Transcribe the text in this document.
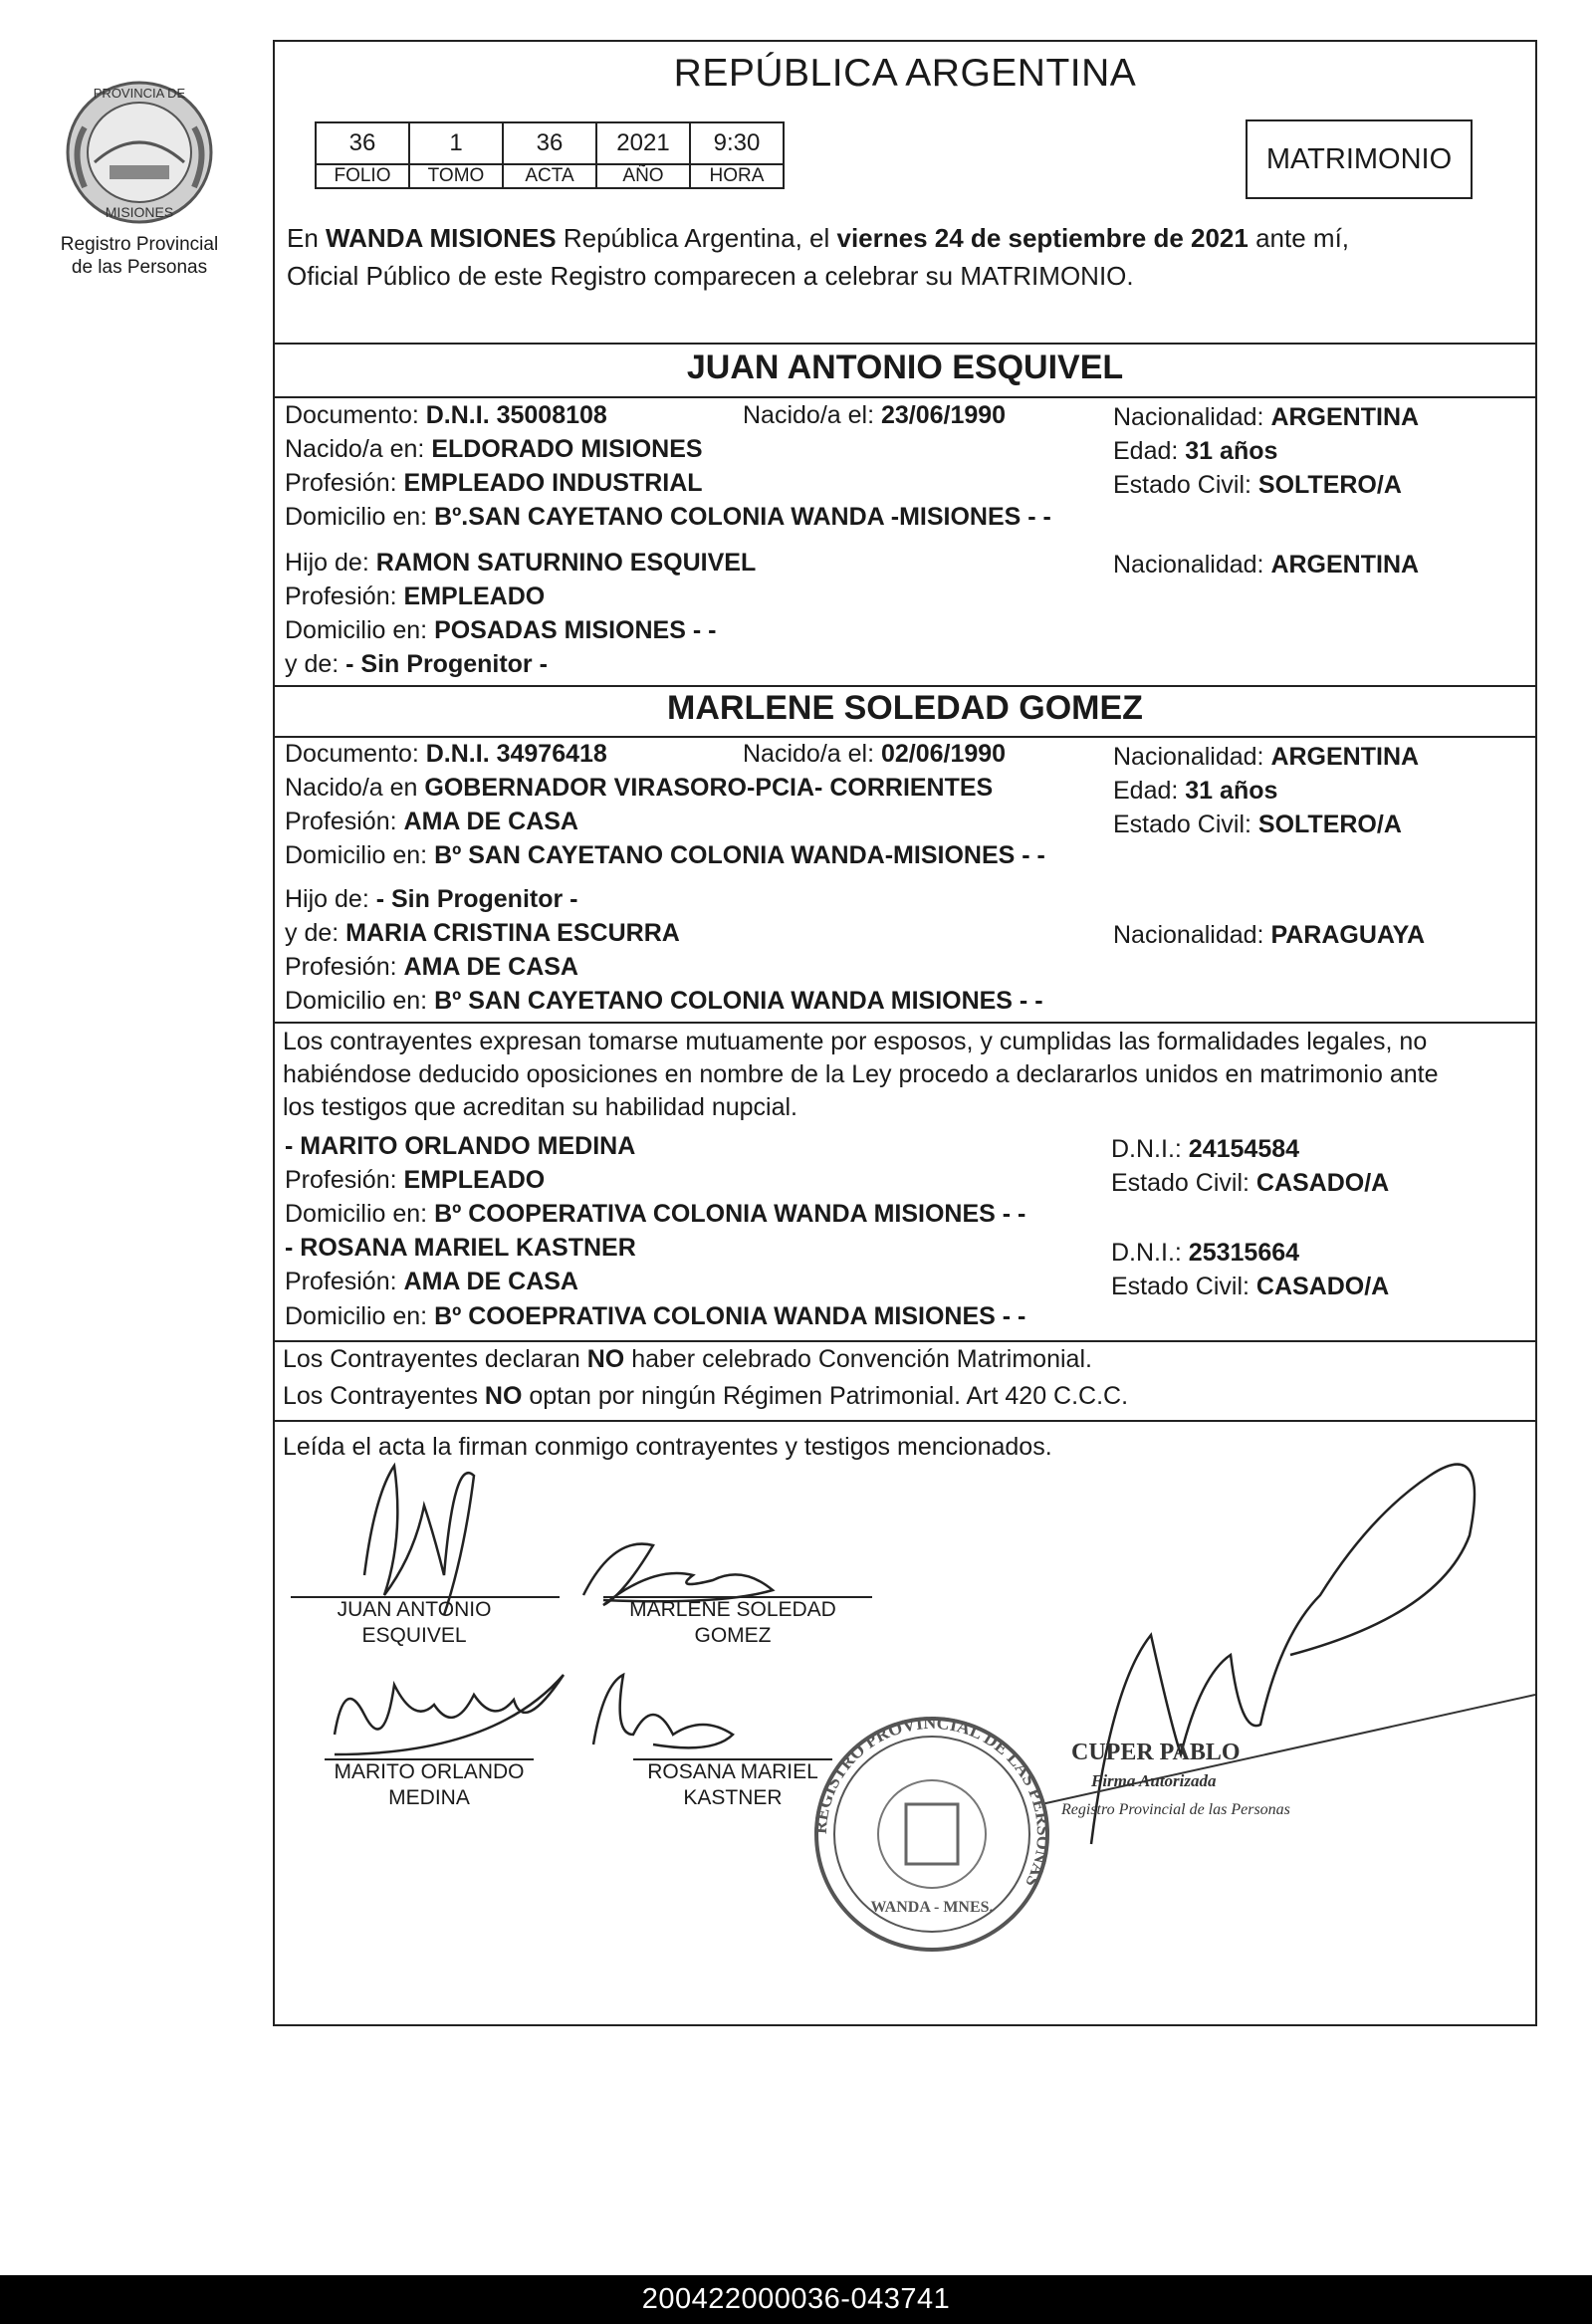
PROVINCIA DE
MISIONES
Registro Provincial
de las Personas
REPÚBLICA ARGENTINA
36	1	36	2021	9:30
FOLIO	TOMO	ACTA	AÑO	HORA
MATRIMONIO
En WANDA MISIONES República Argentina, el viernes 24 de septiembre de 2021 ante mí,
Oficial Público de este Registro comparecen a celebrar su MATRIMONIO.
JUAN ANTONIO ESQUIVEL
Documento: D.N.I. 35008108	Nacido/a el: 23/06/1990	Nacionalidad: ARGENTINA
Nacido/a en: ELDORADO MISIONES	Edad: 31 años
Profesión: EMPLEADO INDUSTRIAL	Estado Civil: SOLTERO/A
Domicilio en: Bº.SAN CAYETANO COLONIA WANDA -MISIONES - -
Hijo de: RAMON SATURNINO ESQUIVEL	Nacionalidad: ARGENTINA
Profesión: EMPLEADO
Domicilio en: POSADAS MISIONES - -
y de: - Sin Progenitor -
MARLENE SOLEDAD GOMEZ
Documento: D.N.I. 34976418	Nacido/a el: 02/06/1990	Nacionalidad: ARGENTINA
Nacido/a en GOBERNADOR VIRASORO-PCIA- CORRIENTES	Edad: 31 años
Profesión: AMA DE CASA	Estado Civil: SOLTERO/A
Domicilio en: Bº SAN CAYETANO COLONIA WANDA-MISIONES - -
Hijo de: - Sin Progenitor -
y de: MARIA CRISTINA ESCURRA	Nacionalidad: PARAGUAYA
Profesión: AMA DE CASA
Domicilio en: Bº SAN CAYETANO COLONIA WANDA MISIONES - -
Los contrayentes expresan tomarse mutuamente por esposos, y cumplidas las formalidades legales, no
habiéndose deducido oposiciones en nombre de la Ley procedo a declararlos unidos en matrimonio ante
los testigos que acreditan su habilidad nupcial.
- MARITO ORLANDO MEDINA	D.N.I.: 24154584
Profesión: EMPLEADO	Estado Civil: CASADO/A
Domicilio en: Bº COOPERATIVA COLONIA WANDA MISIONES - -
- ROSANA MARIEL KASTNER	D.N.I.: 25315664
Profesión: AMA DE CASA	Estado Civil: CASADO/A
Domicilio en: Bº COOEPRATIVA COLONIA WANDA MISIONES - -
Los Contrayentes declaran NO haber celebrado Convención Matrimonial.
Los Contrayentes NO optan por ningún Régimen Patrimonial. Art 420 C.C.C.
Leída el acta la firman conmigo contrayentes y testigos mencionados.
REGISTRO PROVINCIAL DE LAS PERSONAS
WANDA - MNES.
CUPER PABLO
Firma Autorizada
Registro Provincial de las Personas
JUAN ANTONIO
ESQUIVEL
MARLENE SOLEDAD
GOMEZ
MARITO ORLANDO
MEDINA
ROSANA MARIEL
KASTNER
200422000036-043741
